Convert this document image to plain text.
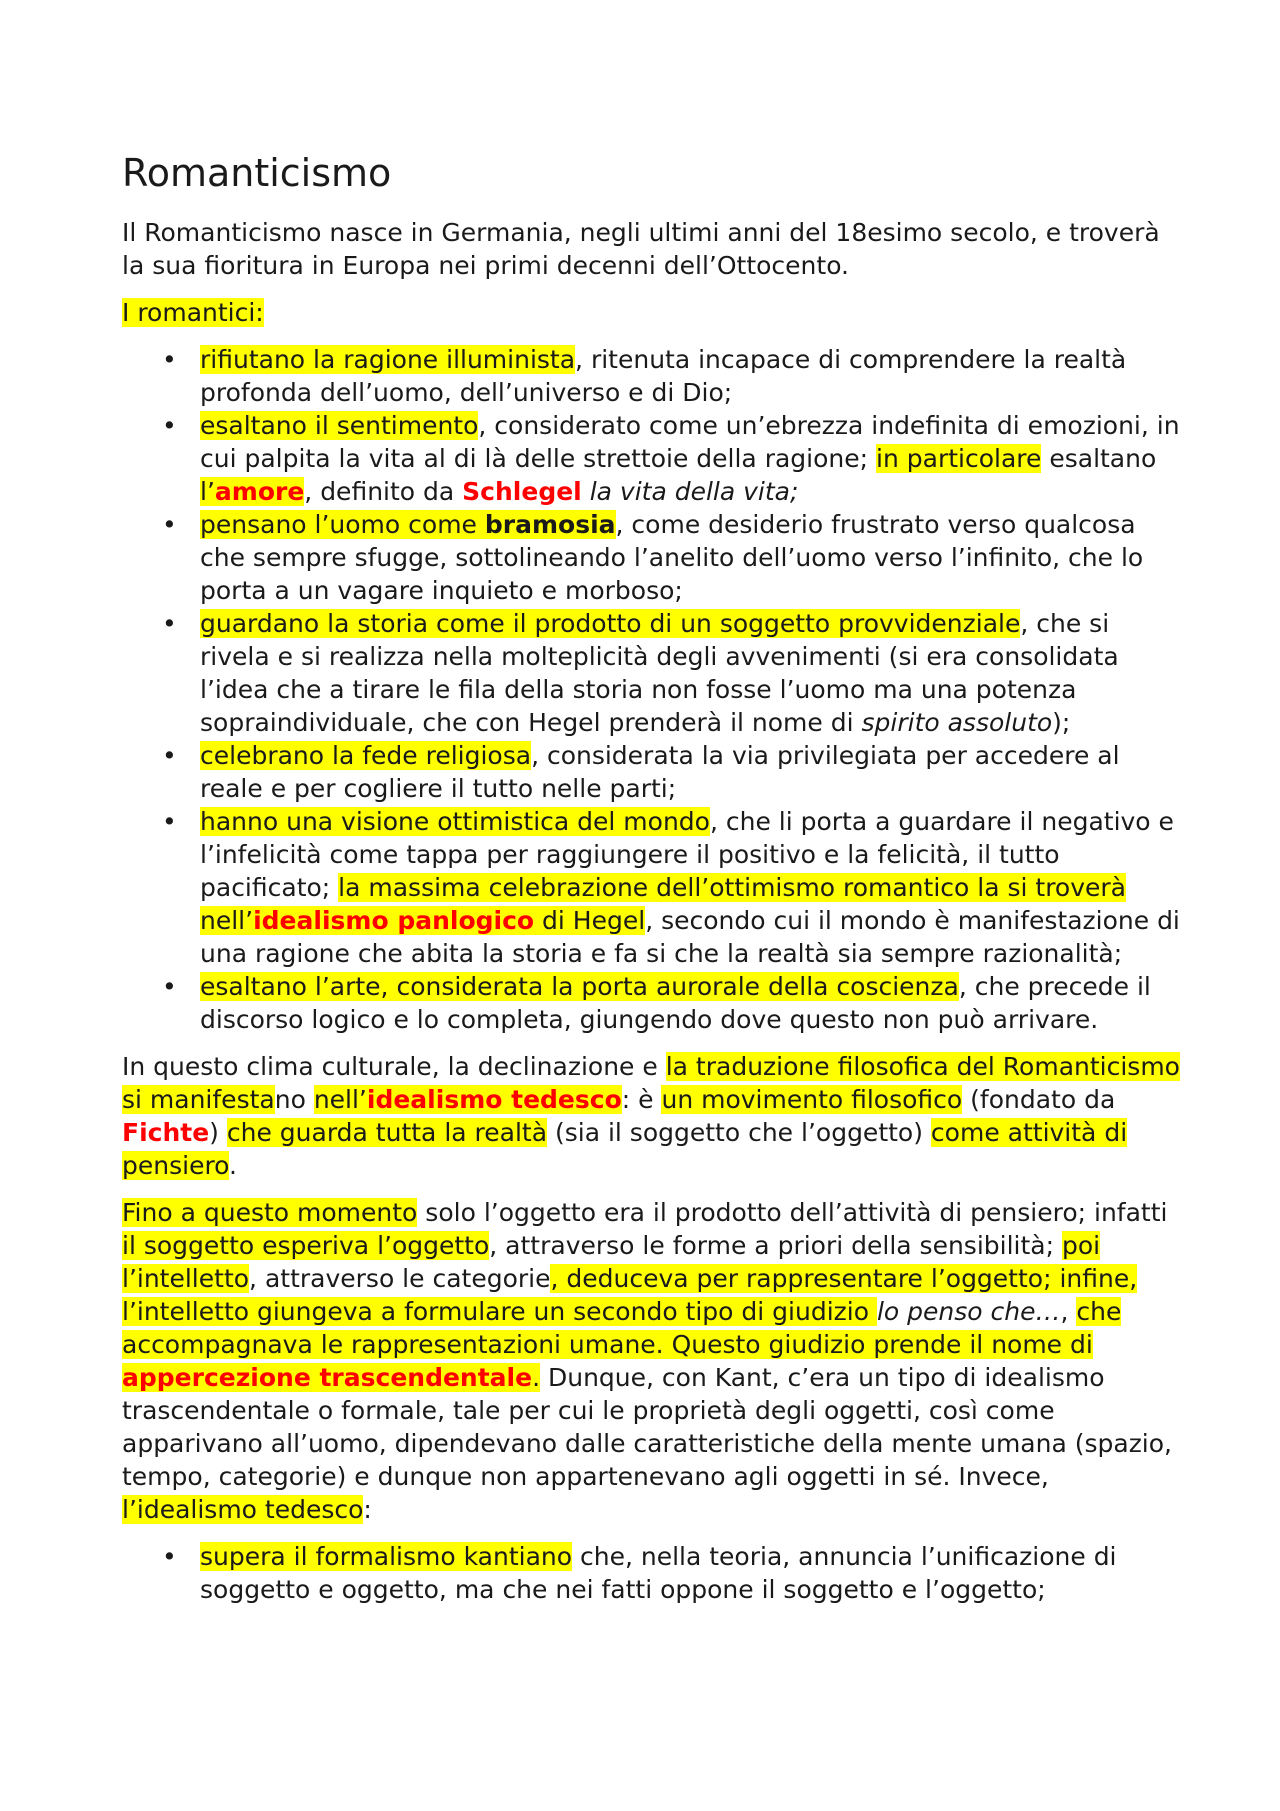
Romanticismo

Il Romanticismo nasce in Germania, negli ultimi anni del 18esimo secolo, e troverà la sua fioritura in Europa nei primi decenni dell’Ottocento.

I romantici:

• rifiutano la ragione illuminista, ritenuta incapace di comprendere la realtà profonda dell’uomo, dell’universo e di Dio;
• esaltano il sentimento, considerato come un’ebrezza indefinita di emozioni, in cui palpita la vita al di là delle strettoie della ragione; in particolare esaltano l’amore, definito da Schlegel la vita della vita;
• pensano l’uomo come bramosia, come desiderio frustrato verso qualcosa che sempre sfugge, sottolineando l’anelito dell’uomo verso l’infinito, che lo porta a un vagare inquieto e morboso;
• guardano la storia come il prodotto di un soggetto provvidenziale, che si rivela e si realizza nella molteplicità degli avvenimenti (si era consolidata l’idea che a tirare le fila della storia non fosse l’uomo ma una potenza sopraindividuale, che con Hegel prenderà il nome di spirito assoluto);
• celebrano la fede religiosa, considerata la via privilegiata per accedere al reale e per cogliere il tutto nelle parti;
• hanno una visione ottimistica del mondo, che li porta a guardare il negativo e l’infelicità come tappa per raggiungere il positivo e la felicità, il tutto pacificato; la massima celebrazione dell’ottimismo romantico la si troverà nell’idealismo panlogico di Hegel, secondo cui il mondo è manifestazione di una ragione che abita la storia e fa si che la realtà sia sempre razionalità;
• esaltano l’arte, considerata la porta aurorale della coscienza, che precede il discorso logico e lo completa, giungendo dove questo non può arrivare.

In questo clima culturale, la declinazione e la traduzione filosofica del Romanticismo si manifestano nell’idealismo tedesco: è un movimento filosofico (fondato da Fichte) che guarda tutta la realtà (sia il soggetto che l’oggetto) come attività di pensiero.

Fino a questo momento solo l’oggetto era il prodotto dell’attività di pensiero; infatti il soggetto esperiva l’oggetto, attraverso le forme a priori della sensibilità; poi l’intelletto, attraverso le categorie, deduceva per rappresentare l’oggetto; infine, l’intelletto giungeva a formulare un secondo tipo di giudizio lo penso che…, che accompagnava le rappresentazioni umane. Questo giudizio prende il nome di appercezione trascendentale. Dunque, con Kant, c’era un tipo di idealismo trascendentale o formale, tale per cui le proprietà degli oggetti, così come apparivano all’uomo, dipendevano dalle caratteristiche della mente umana (spazio, tempo, categorie) e dunque non appartenevano agli oggetti in sé. Invece, l’idealismo tedesco:

• supera il formalismo kantiano che, nella teoria, annuncia l’unificazione di soggetto e oggetto, ma che nei fatti oppone il soggetto e l’oggetto;
